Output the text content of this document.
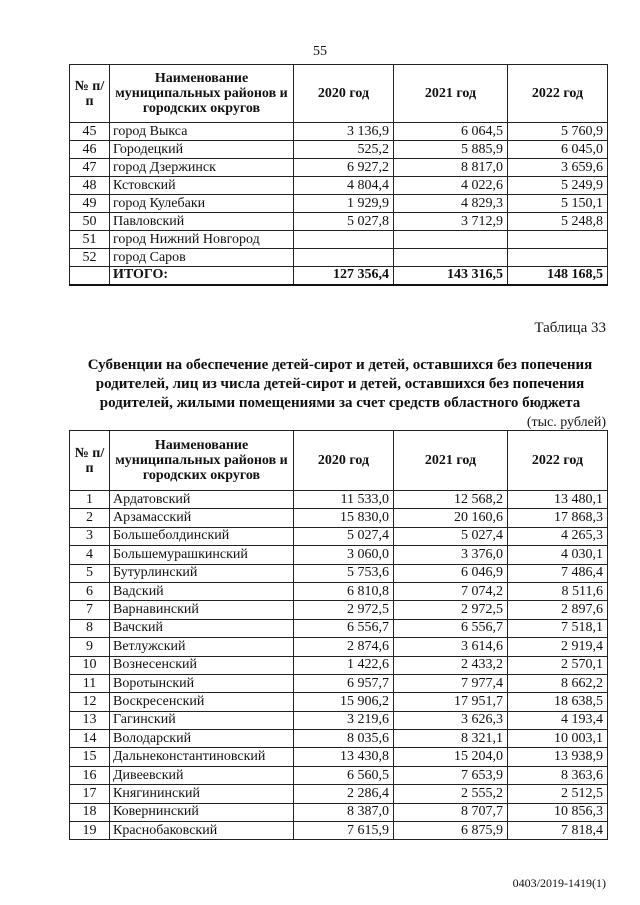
55
№ п/п	Наименование муниципальных районов и городских округов	2020 год	2021 год	2022 год
45	город Выкса	3 136,9	6 064,5	5 760,9
46	Городецкий	525,2	5 885,9	6 045,0
47	город Дзержинск	6 927,2	8 817,0	3 659,6
48	Кстовский	4 804,4	4 022,6	5 249,9
49	город Кулебаки	1 929,9	4 829,3	5 150,1
50	Павловский	5 027,8	3 712,9	5 248,8
51	город Нижний Новгород			
52	город Саров			
	ИТОГО:	127 356,4	143 316,5	148 168,5
Таблица 33
Субвенции на обеспечение детей-сирот и детей, оставшихся без попечения родителей, лиц из числа детей-сирот и детей, оставшихся без попечения родителей, жилыми помещениями за счет средств областного бюджета
(тыс. рублей)
№ п/п	Наименование муниципальных районов и городских округов	2020 год	2021 год	2022 год
1	Ардатовский	11 533,0	12 568,2	13 480,1
2	Арзамасский	15 830,0	20 160,6	17 868,3
3	Большеболдинский	5 027,4	5 027,4	4 265,3
4	Большемурашкинский	3 060,0	3 376,0	4 030,1
5	Бутурлинский	5 753,6	6 046,9	7 486,4
6	Вадский	6 810,8	7 074,2	8 511,6
7	Варнавинский	2 972,5	2 972,5	2 897,6
8	Вачский	6 556,7	6 556,7	7 518,1
9	Ветлужский	2 874,6	3 614,6	2 919,4
10	Вознесенский	1 422,6	2 433,2	2 570,1
11	Воротынский	6 957,7	7 977,4	8 662,2
12	Воскресенский	15 906,2	17 951,7	18 638,5
13	Гагинский	3 219,6	3 626,3	4 193,4
14	Володарский	8 035,6	8 321,1	10 003,1
15	Дальнеконстантиновский	13 430,8	15 204,0	13 938,9
16	Дивеевский	6 560,5	7 653,9	8 363,6
17	Княгининский	2 286,4	2 555,2	2 512,5
18	Ковернинский	8 387,0	8 707,7	10 856,3
19	Краснобаковский	7 615,9	6 875,9	7 818,4
0403/2019-1419(1)
